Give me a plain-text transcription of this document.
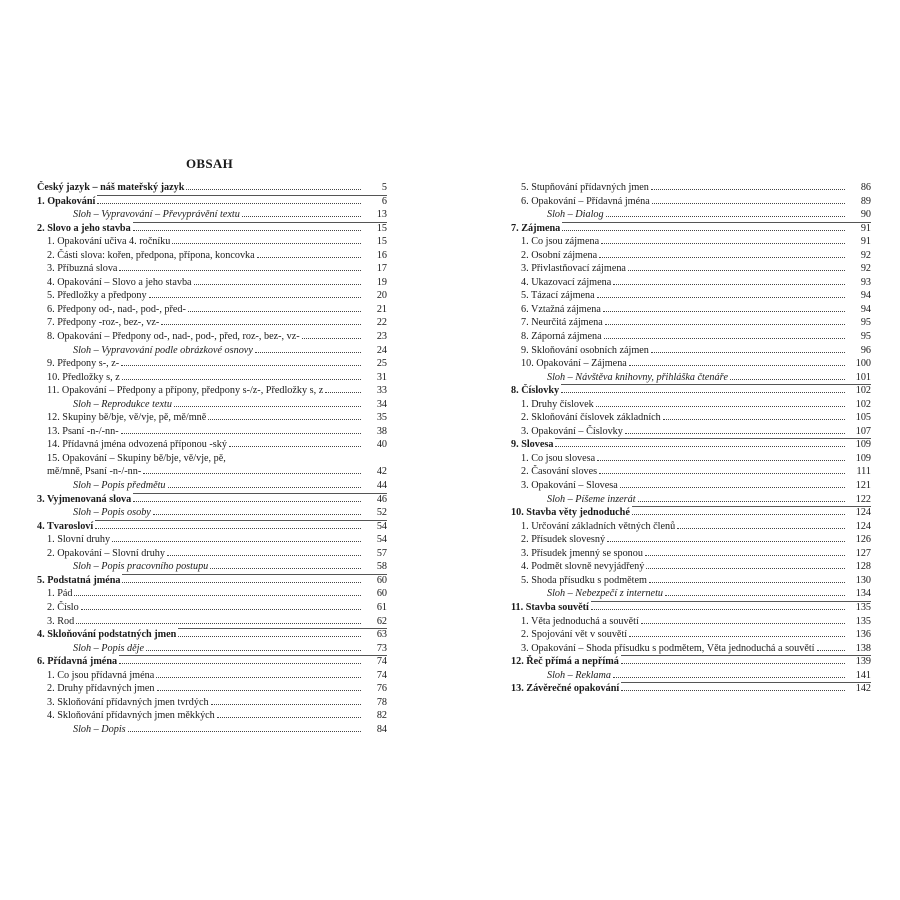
OBSAH
Český jazyk – náš mateřský jazyk	5
1. Opakování	6
Sloh – Vypravování – Převyprávění textu	13
2. Slovo a jeho stavba	15
1. Opakování učiva 4. ročníku	15
2. Části slova: kořen, předpona, přípona, koncovka	16
3. Příbuzná slova	17
4. Opakování – Slovo a jeho stavba	19
5. Předložky a předpony	20
6. Předpony od-, nad-, pod-, před-	21
7. Předpony -roz-, bez-, vz-	22
8. Opakování – Předpony od-, nad-, pod-, před, roz-, bez-, vz-	23
Sloh – Vypravování podle obrázkové osnovy	24
9. Předpony s-, z-	25
10. Předložky s, z	31
11. Opakování – Předpony a přípony, předpony s-/z-, Předložky s, z	33
Sloh – Reprodukce textu	34
12. Skupiny bě/bje, vě/vje, pě, mě/mně	35
13. Psaní -n-/-nn-	38
14. Přídavná jména odvozená příponou -ský	40
15. Opakování – Skupiny bě/bje, vě/vje, pě,
mě/mně, Psaní -n-/-nn-	42
Sloh – Popis předmětu	44
3. Vyjmenovaná slova	46
Sloh – Popis osoby	52
4. Tvarosloví	54
1. Slovní druhy	54
2. Opakování – Slovní druhy	57
Sloh – Popis pracovního postupu	58
5. Podstatná jména	60
1. Pád	60
2. Číslo	61
3. Rod	62
4. Skloňování podstatných jmen	63
Sloh – Popis děje	73
6. Přídavná jména	74
1. Co jsou přídavná jména	74
2. Druhy přídavných jmen	76
3. Skloňování přídavných jmen tvrdých	78
4. Skloňování přídavných jmen měkkých	82
Sloh – Dopis	84
5. Stupňování přídavných jmen	86
6. Opakování – Přídavná jména	89
Sloh – Dialog	90
7. Zájmena	91
1. Co jsou zájmena	91
2. Osobní zájmena	92
3. Přivlastňovací zájmena	92
4. Ukazovací zájmena	93
5. Tázací zájmena	94
6. Vztažná zájmena	94
7. Neurčitá zájmena	95
8. Záporná zájmena	95
9. Skloňování osobních zájmen	96
10. Opakování – Zájmena	100
Sloh – Návštěva knihovny, přihláška čtenáře	101
8. Číslovky	102
1. Druhy číslovek	102
2. Skloňování číslovek základních	105
3. Opakování – Číslovky	107
9. Slovesa	109
1. Co jsou slovesa	109
2. Časování sloves	111
3. Opakování – Slovesa	121
Sloh – Píšeme inzerát	122
10. Stavba věty jednoduché	124
1. Určování základních větných členů	124
2. Přísudek slovesný	126
3. Přísudek jmenný se sponou	127
4. Podmět slovně nevyjádřený	128
5. Shoda přísudku s podmětem	130
Sloh – Nebezpečí z internetu	134
11. Stavba souvětí	135
1. Věta jednoduchá a souvětí	135
2. Spojování vět v souvětí	136
3. Opakování – Shoda přísudku s podmětem, Věta jednoduchá a souvětí	138
12. Řeč přímá a nepřímá	139
Sloh – Reklama	141
13. Závěrečné opakování	142
